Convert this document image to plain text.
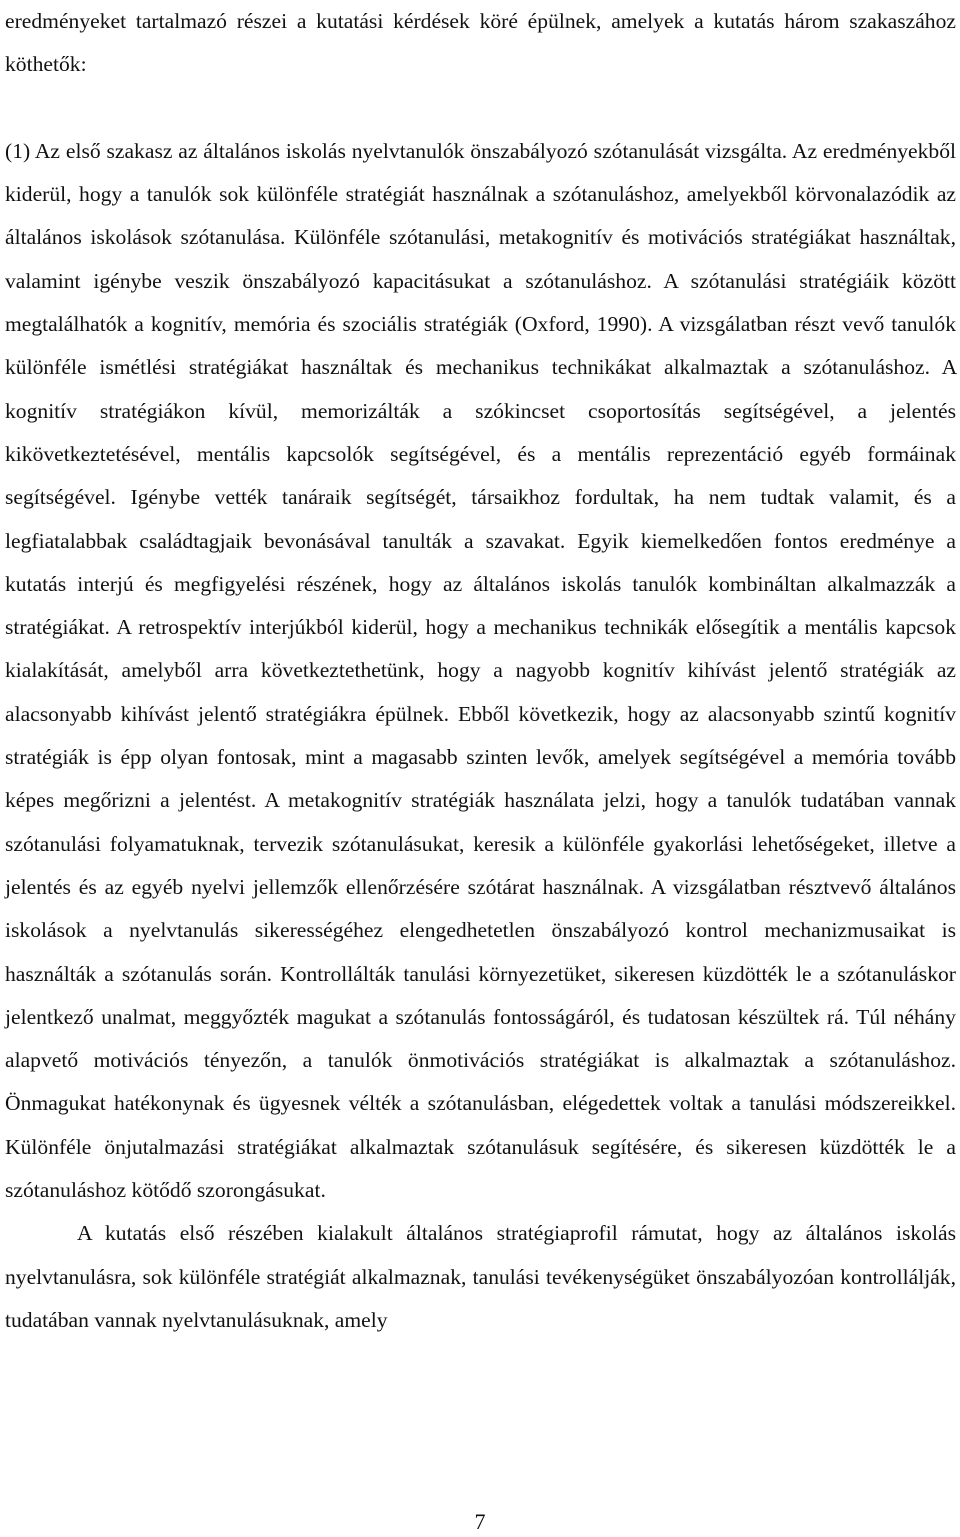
eredményeket tartalmazó részei a kutatási kérdések köré épülnek, amelyek a kutatás három szakaszához köthetők:

(1) Az első szakasz az általános iskolás nyelvtanulók önszabályozó szótanulását vizsgálta. Az eredményekből kiderül, hogy a tanulók sok különféle stratégiát használnak a szótanuláshoz, amelyekből körvonalazódik az általános iskolások szótanulása. Különféle szótanulási, metakognitív és motivációs stratégiákat használtak, valamint igénybe veszik önszabályozó kapacitásukat a szótanuláshoz. A szótanulási stratégiáik között megtalálhatók a kognitív, memória és szociális stratégiák (Oxford, 1990). A vizsgálatban részt vevő tanulók különféle ismétlési stratégiákat használtak és mechanikus technikákat alkalmaztak a szótanuláshoz. A kognitív stratégiákon kívül, memorizálták a szókincset csoportosítás segítségével, a jelentés kikövetkeztetésével, mentális kapcsolók segítségével, és a mentális reprezentáció egyéb formáinak segítségével. Igénybe vették tanáraik segítségét, társaikhoz fordultak, ha nem tudtak valamit, és a legfiatalabbak családtagjaik bevonásával tanulták a szavakat. Egyik kiemelkedően fontos eredménye a kutatás interjú és megfigyelési részének, hogy az általános iskolás tanulók kombináltan alkalmazzák a stratégiákat. A retrospektív interjúkból kiderül, hogy a mechanikus technikák elősegítik a mentális kapcsok kialakítását, amelyből arra következtethetünk, hogy a nagyobb kognitív kihívást jelentő stratégiák az alacsonyabb kihívást jelentő stratégiákra épülnek. Ebből következik, hogy az alacsonyabb szintű kognitív stratégiák is épp olyan fontosak, mint a magasabb szinten levők, amelyek segítségével a memória tovább képes megőrizni a jelentést. A metakognitív stratégiák használata jelzi, hogy a tanulók tudatában vannak szótanulási folyamatuknak, tervezik szótanulásukat, keresik a különféle gyakorlási lehetőségeket, illetve a jelentés és az egyéb nyelvi jellemzők ellenőrzésére szótárat használnak. A vizsgálatban résztvevő általános iskolások a nyelvtanulás sikerességéhez elengedhetetlen önszabályozó kontrol mechanizmusaikat is használták a szótanulás során. Kontrollálták tanulási környezetüket, sikeresen küzdötték le a szótanuláskor jelentkező unalmat, meggyőzték magukat a szótanulás fontosságáról, és tudatosan készültek rá. Túl néhány alapvető motivációs tényezőn, a tanulók önmotivációs stratégiákat is alkalmaztak a szótanuláshoz. Önmagukat hatékonynak és ügyesnek vélték a szótanulásban, elégedettek voltak a tanulási módszereikkel. Különféle önjutalmazási stratégiákat alkalmaztak szótanulásuk segítésére, és sikeresen küzdötték le a szótanuláshoz kötődő szorongásukat.

A kutatás első részében kialakult általános stratégiaprofil rámutat, hogy az általános iskolás nyelvtanulásra, sok különféle stratégiát alkalmaznak, tanulási tevékenységüket önszabályozóan kontrollálják, tudatában vannak nyelvtanulásuknak, amely

7
